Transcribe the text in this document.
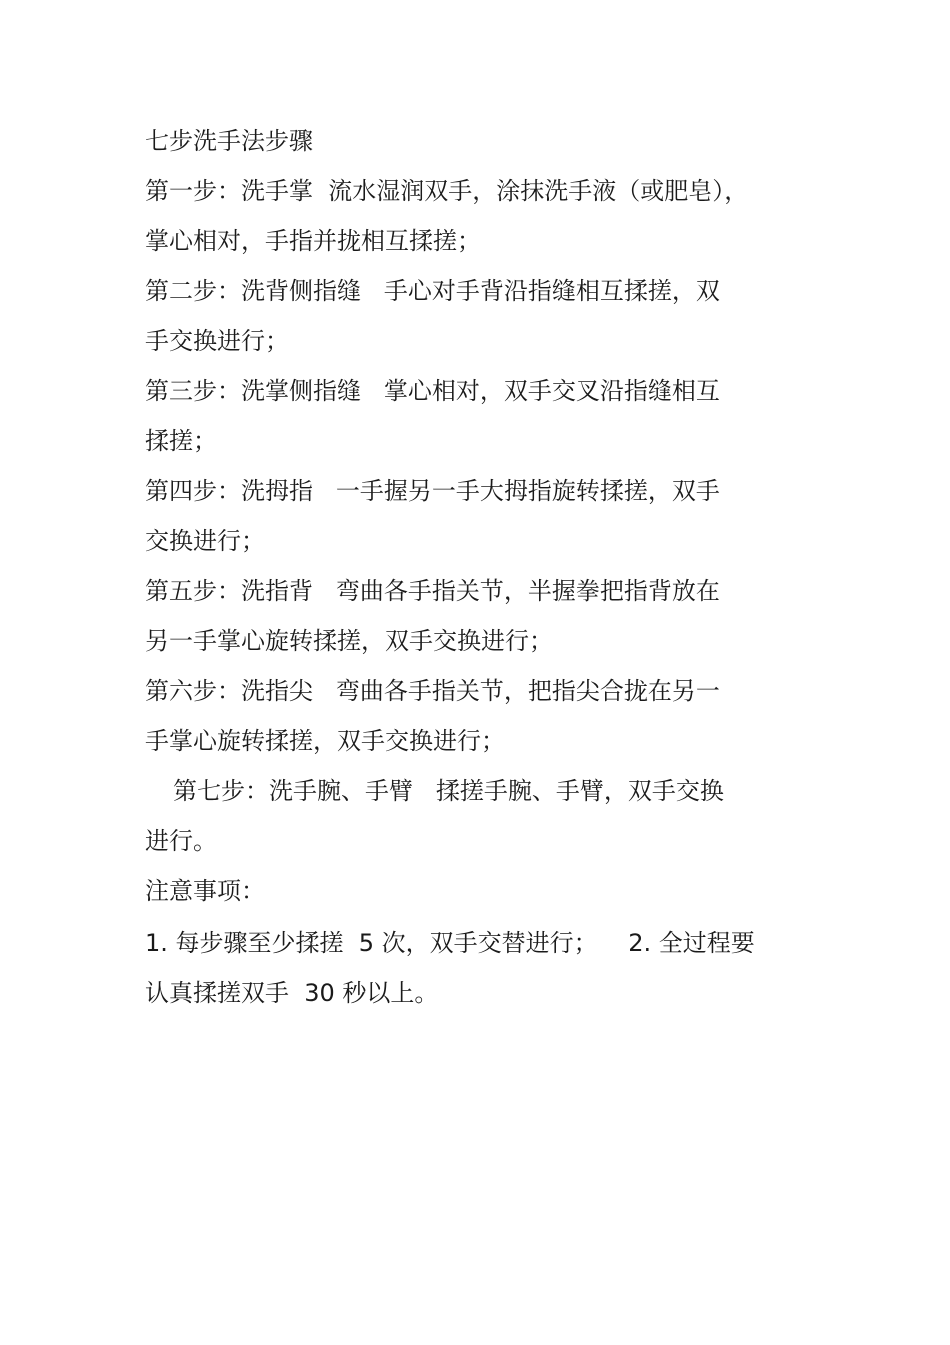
七步洗手法步骤
第一步：洗手掌  流水湿润双手，涂抹洗手液（或肥皂），
掌心相对，手指并拢相互揉搓；
第二步：洗背侧指缝   手心对手背沿指缝相互揉搓，双
手交换进行；
第三步：洗掌侧指缝   掌心相对，双手交叉沿指缝相互
揉搓；
第四步：洗拇指   一手握另一手大拇指旋转揉搓，双手
交换进行；
第五步：洗指背   弯曲各手指关节，半握拳把指背放在
另一手掌心旋转揉搓，双手交换进行；
第六步：洗指尖   弯曲各手指关节，把指尖合拢在另一
手掌心旋转揉搓，双手交换进行；
第七步：洗手腕、手臂   揉搓手腕、手臂，双手交换
进行。
注意事项：
1. 每步骤至少揉搓  5 次，双手交替进行；    2. 全过程要
认真揉搓双手  30 秒以上。
